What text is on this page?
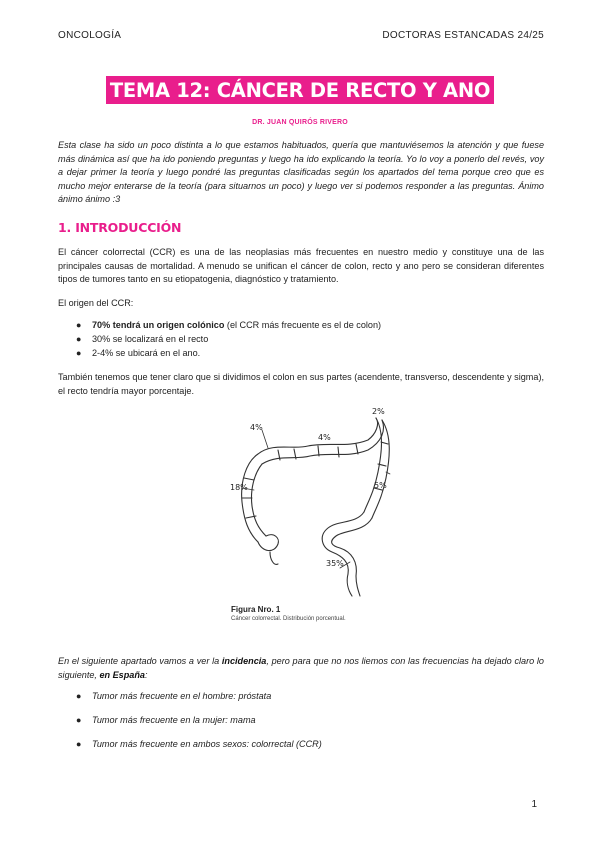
ONCOLOGÍA	DOCTORAS ESTANCADAS 24/25
TEMA 12: CÁNCER DE RECTO Y ANO
DR. JUAN QUIRÓS RIVERO
Esta clase ha sido un poco distinta a lo que estamos habituados, quería que mantuviésemos la atención y que fuese más dinámica así que ha ido poniendo preguntas y luego ha ido explicando la teoría. Yo lo voy a ponerlo del revés, voy a dejar primer la teoría y luego pondré las preguntas clasificadas según los apartados del tema porque creo que es mucho mejor enterarse de la teoría (para situarnos un poco) y luego ver si podemos responder a las preguntas. Ánimo ánimo ánimo :3
1. INTRODUCCIÓN
El cáncer colorrectal (CCR) es una de las neoplasias más frecuentes en nuestro medio y constituye una de las principales causas de mortalidad. A menudo se unifican el cáncer de colon, recto y ano pero se consideran diferentes tipos de tumores tanto en su etiopatogenia, diagnóstico y tratamiento.
El origen del CCR:
● 70% tendrá un origen colónico (el CCR más frecuente es el de colon)
● 30% se localizará en el recto
● 2-4% se ubicará en el ano.
También tenemos que tener claro que si dividimos el colon en sus partes (acendente, transverso, descendente y sigma), el recto tendría mayor porcentaje.
4%
4%
2%
18%	5%
35%
Figura Nro. 1
Cáncer colorrectal. Distribución porcentual.
En el siguiente apartado vamos a ver la incidencia, pero para que no nos liemos con las frecuencias ha dejado claro lo siguiente, en España:
● Tumor más frecuente en el hombre: próstata
● Tumor más frecuente en la mujer: mama
● Tumor más frecuente en ambos sexos: colorrectal (CCR)
1
